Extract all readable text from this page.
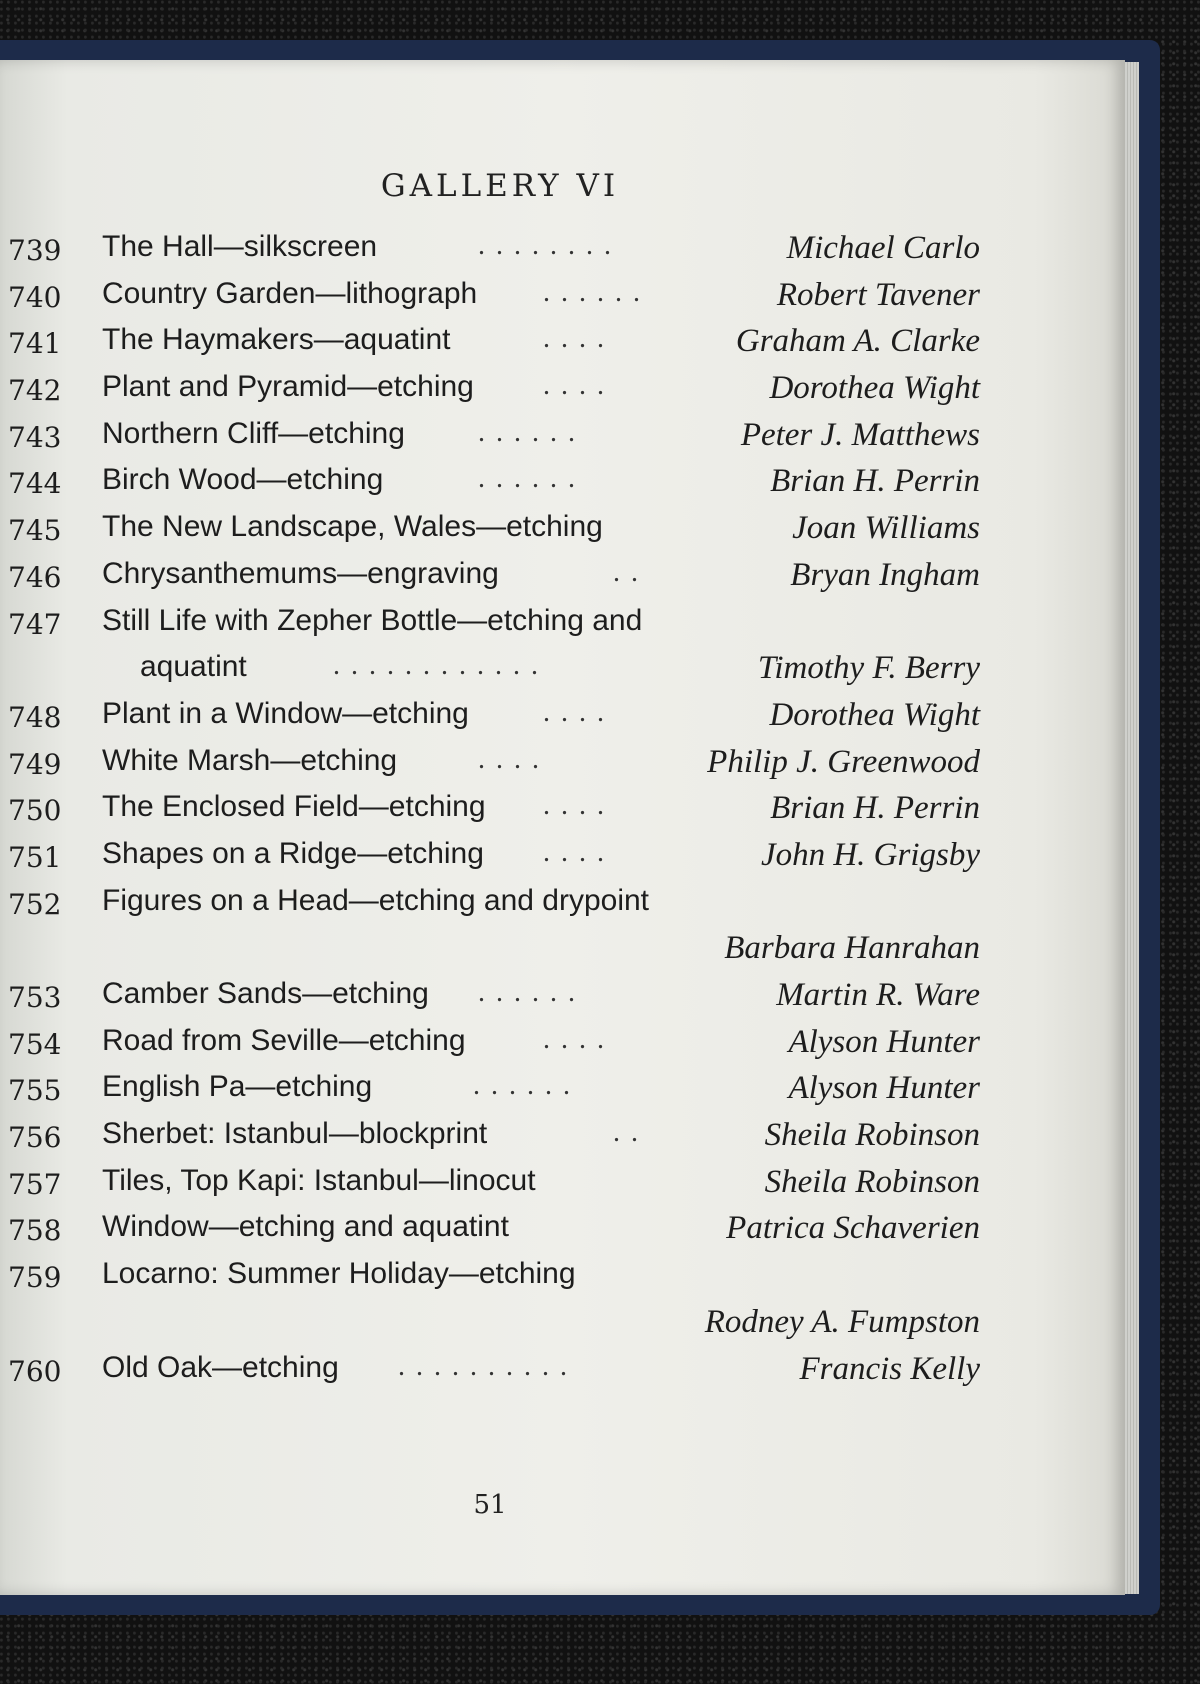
GALLERY VI
739	The Hall—silkscreen	. . . . . . . .	Michael Carlo
740	Country Garden—lithograph . . . . . .	Robert Tavener
741	The Haymakers—aquatint	. . . .	Graham A. Clarke
742	Plant and Pyramid—etching . . . .	Dorothea Wight
743	Northern Cliff—etching	. . . . . .	Peter J. Matthews
744	Birch Wood—etching	. . . . . .	Brian H. Perrin
745	The New Landscape, Wales—etching	Joan Williams
746	Chrysanthemums—engraving	. .	Bryan Ingham
747	Still Life with Zepher Bottle—etching and
aquatint	. . . . . . . . . . . .	Timothy F. Berry
748	Plant in a Window—etching	. . . .	Dorothea Wight
749	White Marsh—etching	. . . .	Philip J. Greenwood
750	The Enclosed Field—etching . . . .	Brian H. Perrin
751	Shapes on a Ridge—etching . . . .	John H. Grigsby
752	Figures on a Head—etching and drypoint
Barbara Hanrahan
753	Camber Sands—etching . . . . . .	Martin R. Ware
754	Road from Seville—etching	. . . .	Alyson Hunter
755	English Pa—etching	. . . . . .	Alyson Hunter
756	Sherbet: Istanbul—blockprint	. .	Sheila Robinson
757	Tiles, Top Kapi: Istanbul—linocut	Sheila Robinson
758	Window—etching and aquatint	Patrica Schaverien
759	Locarno: Summer Holiday—etching
Rodney A. Fumpston
760	Old Oak—etching . . . . . . . . . .	Francis Kelly
51
